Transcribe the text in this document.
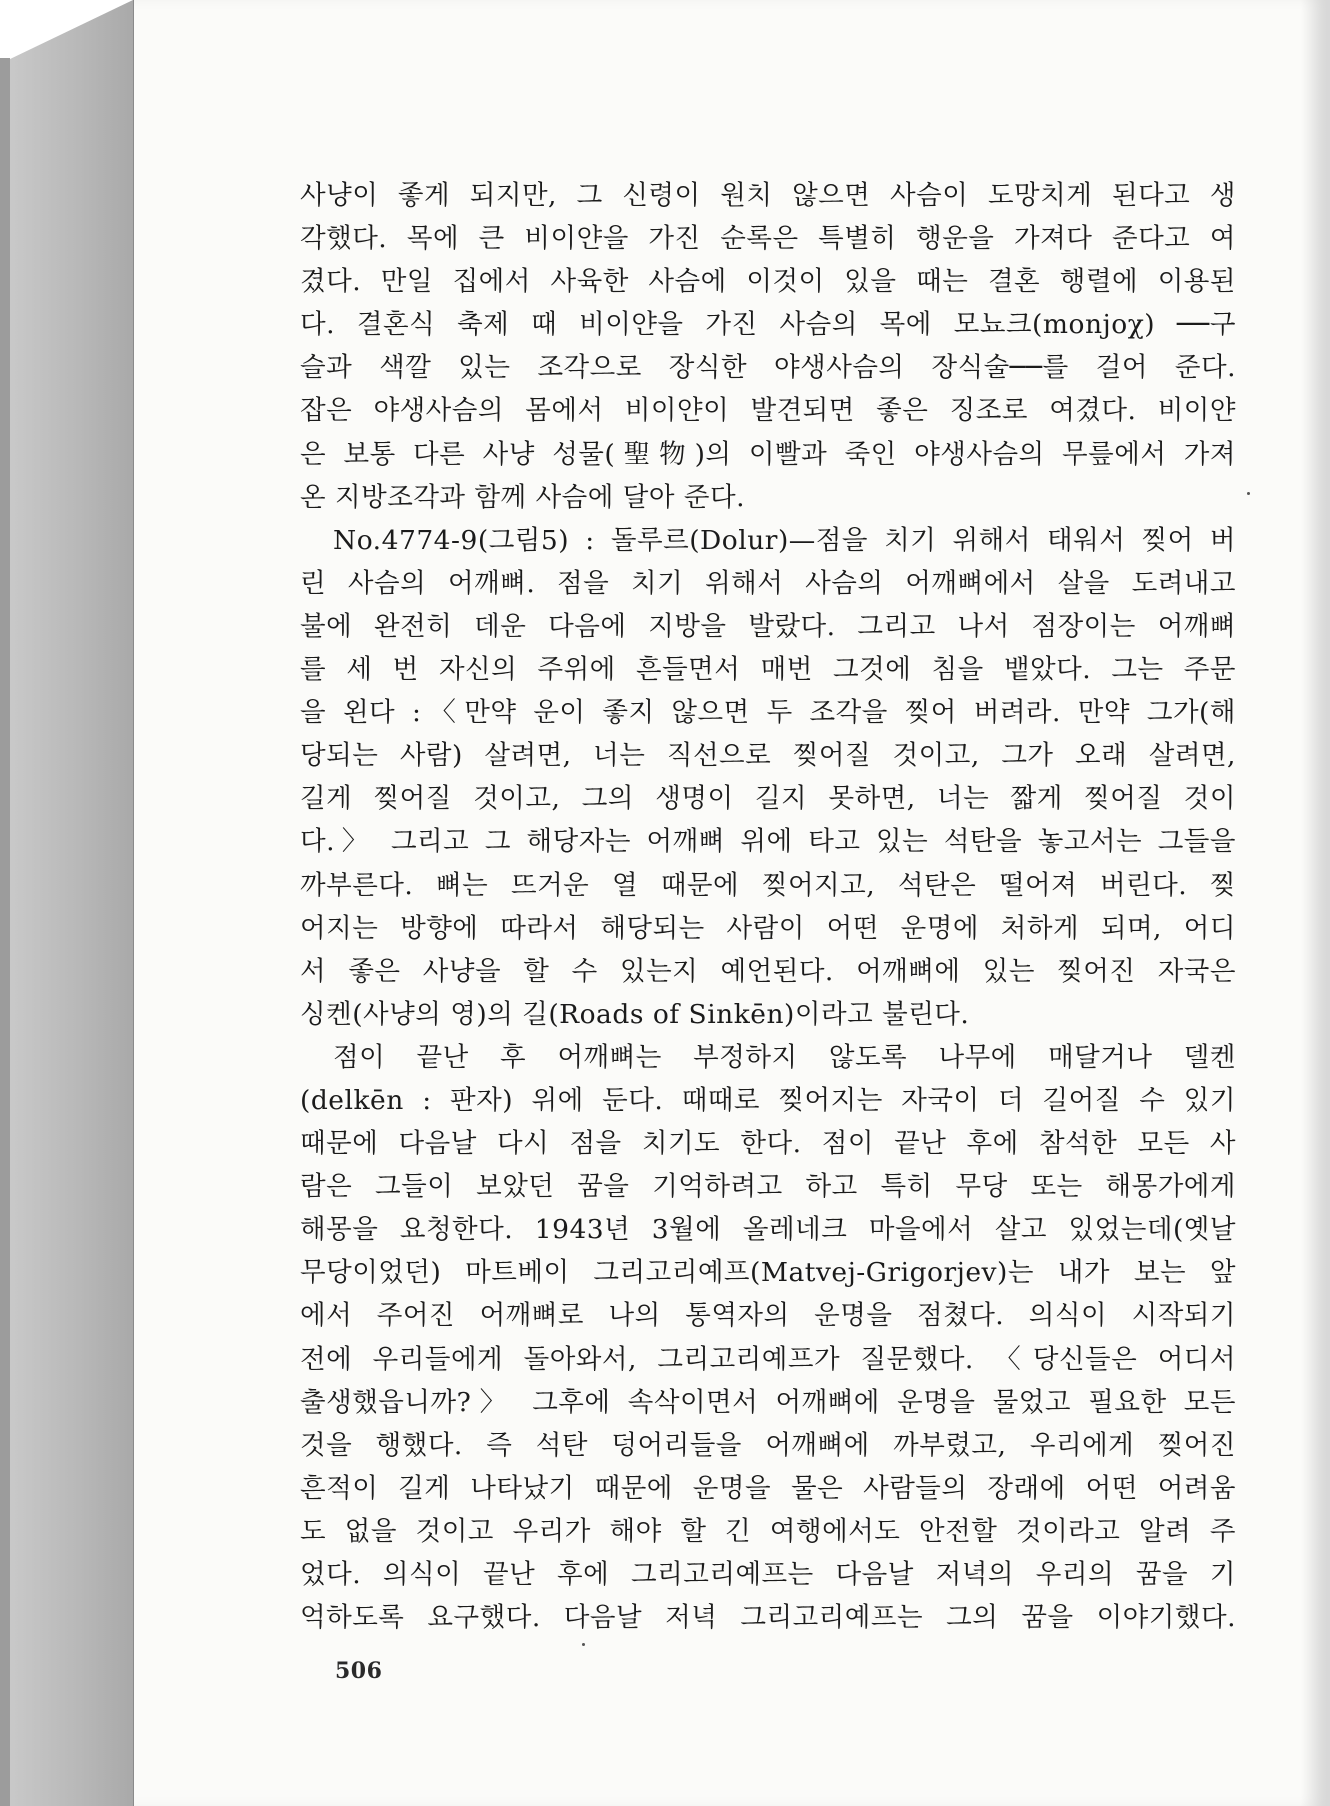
사냥이 좋게 되지만, 그 신령이 원치 않으면 사슴이 도망치게 된다고 생
각했다. 목에 큰 비이얀을 가진 순록은 특별히 행운을 가져다 준다고 여
겼다. 만일 집에서 사육한 사슴에 이것이 있을 때는 결혼 행렬에 이용된
다. 결혼식 축제 때 비이얀을 가진 사슴의 목에 모뇨크(monjoχ) ──구
슬과 색깔 있는 조각으로 장식한 야생사슴의 장식술──를 걸어 준다.
잡은 야생사슴의 몸에서 비이얀이 발견되면 좋은 징조로 여겼다. 비이얀
은 보통 다른 사냥 성물(聖物)의 이빨과 죽인 야생사슴의 무릎에서 가져
온 지방조각과 함께 사슴에 달아 준다.
No.4774-9(그림5) : 돌루르(Dolur)—점을 치기 위해서 태워서 찢어 버
린 사슴의 어깨뼈. 점을 치기 위해서 사슴의 어깨뼈에서 살을 도려내고
불에 완전히 데운 다음에 지방을 발랐다. 그리고 나서 점장이는 어깨뼈
를 세 번 자신의 주위에 흔들면서 매번 그것에 침을 뱉았다. 그는 주문
을 왼다 :〈만약 운이 좋지 않으면 두 조각을 찢어 버려라. 만약 그가(해
당되는 사람) 살려면, 너는 직선으로 찢어질 것이고, 그가 오래 살려면,
길게 찢어질 것이고, 그의 생명이 길지 못하면, 너는 짧게 찢어질 것이
다.〉 그리고 그 해당자는 어깨뼈 위에 타고 있는 석탄을 놓고서는 그들을
까부른다. 뼈는 뜨거운 열 때문에 찢어지고, 석탄은 떨어져 버린다. 찢
어지는 방향에 따라서 해당되는 사람이 어떤 운명에 처하게 되며, 어디
서 좋은 사냥을 할 수 있는지 예언된다. 어깨뼈에 있는 찢어진 자국은
싱켄(사냥의 영)의 길(Roads of Sinkēn)이라고 불린다.
점이 끝난 후 어깨뼈는 부정하지 않도록 나무에 매달거나 델켄
(delkēn : 판자) 위에 둔다. 때때로 찢어지는 자국이 더 길어질 수 있기
때문에 다음날 다시 점을 치기도 한다. 점이 끝난 후에 참석한 모든 사
람은 그들이 보았던 꿈을 기억하려고 하고 특히 무당 또는 해몽가에게
해몽을 요청한다. 1943년 3월에 올레네크 마을에서 살고 있었는데(옛날
무당이었던) 마트베이 그리고리예프(Matvej-Grigorjev)는 내가 보는 앞
에서 주어진 어깨뼈로 나의 통역자의 운명을 점쳤다. 의식이 시작되기
전에 우리들에게 돌아와서, 그리고리예프가 질문했다. 〈당신들은 어디서
출생했읍니까?〉 그후에 속삭이면서 어깨뼈에 운명을 물었고 필요한 모든
것을 행했다. 즉 석탄 덩어리들을 어깨뼈에 까부렸고, 우리에게 찢어진
흔적이 길게 나타났기 때문에 운명을 물은 사람들의 장래에 어떤 어려움
도 없을 것이고 우리가 해야 할 긴 여행에서도 안전할 것이라고 알려 주
었다. 의식이 끝난 후에 그리고리예프는 다음날 저녁의 우리의 꿈을 기
억하도록 요구했다. 다음날 저녁 그리고리예프는 그의 꿈을 이야기했다.
506
